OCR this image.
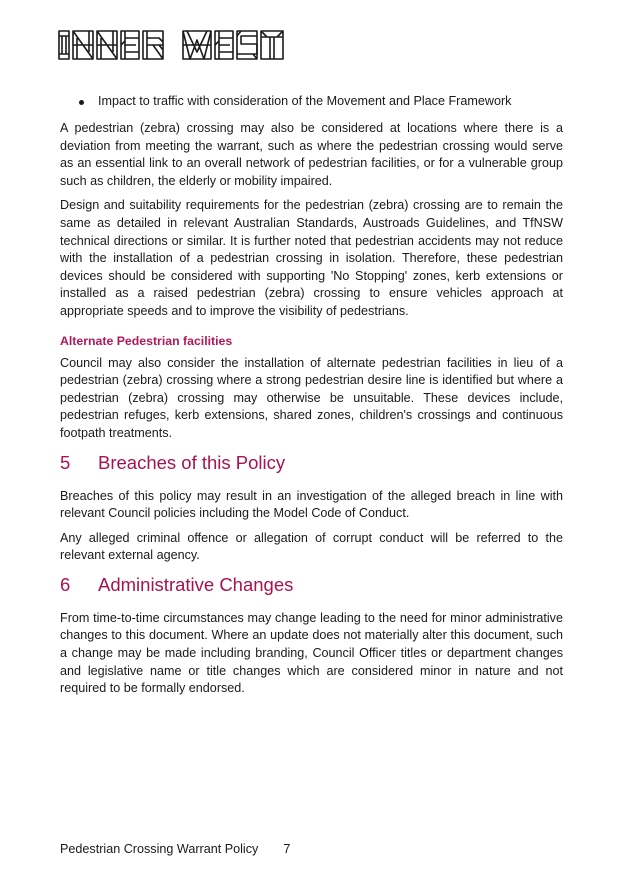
Impact to traffic with consideration of the Movement and Place Framework

A pedestrian (zebra) crossing may also be considered at locations where there is a deviation from meeting the warrant, such as where the pedestrian crossing would serve as an essential link to an overall network of pedestrian facilities, or for a vulnerable group such as children, the elderly or mobility impaired.

Design and suitability requirements for the pedestrian (zebra) crossing are to remain the same as detailed in relevant Australian Standards, Austroads Guidelines, and TfNSW technical directions or similar. It is further noted that pedestrian accidents may not reduce with the installation of a pedestrian crossing in isolation. Therefore, these pedestrian devices should be considered with supporting 'No Stopping' zones, kerb extensions or installed as a raised pedestrian (zebra) crossing to ensure vehicles approach at appropriate speeds and to improve the visibility of pedestrians.

Alternate Pedestrian facilities

Council may also consider the installation of alternate pedestrian facilities in lieu of a pedestrian (zebra) crossing where a strong pedestrian desire line is identified but where a pedestrian (zebra) crossing may otherwise be unsuitable. These devices include, pedestrian refuges, kerb extensions, shared zones, children's crossings and continuous footpath treatments.

5	Breaches of this Policy

Breaches of this policy may result in an investigation of the alleged breach in line with relevant Council policies including the Model Code of Conduct.

Any alleged criminal offence or allegation of corrupt conduct will be referred to the relevant external agency.

6	Administrative Changes

From time-to-time circumstances may change leading to the need for minor administrative changes to this document. Where an update does not materially alter this document, such a change may be made including branding, Council Officer titles or department changes and legislative name or title changes which are considered minor in nature and not required to be formally endorsed.

Pedestrian Crossing Warrant Policy 7
